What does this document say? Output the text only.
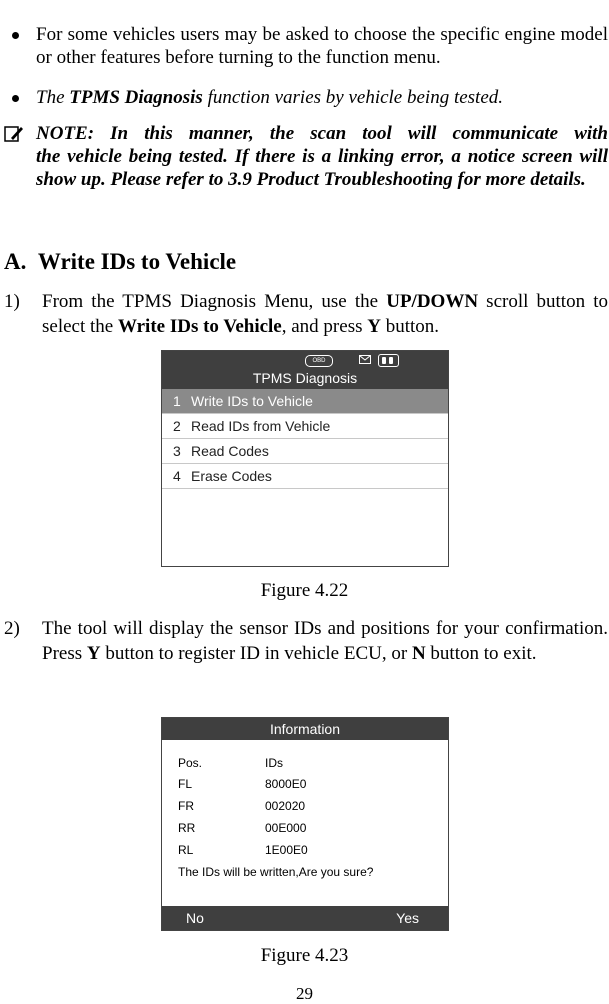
For some vehicles users may be asked to choose the specific engine model or other features before turning to the function menu.
The TPMS Diagnosis function varies by vehicle being tested.
NOTE: In this manner, the scan tool will communicate with
the vehicle being tested. If there is a linking error, a notice screen will show up. Please refer to 3.9 Product Troubleshooting for more details.
A. Write IDs to Vehicle
1) From the TPMS Diagnosis Menu, use the UP/DOWN scroll button to select the Write IDs to Vehicle, and press Y button.
OBD
TPMS Diagnosis
1 Write IDs to Vehicle
2 Read IDs from Vehicle
3 Read Codes
4 Erase Codes
Figure 4.22
2) The tool will display the sensor IDs and positions for your confirmation. Press Y button to register ID in vehicle ECU, or N button to exit.
Information
Pos.	IDs
FL	8000E0
FR	002020
RR	00E000
RL	1E00E0
The IDs will be written,Are you sure?
No	Yes
Figure 4.23
29
